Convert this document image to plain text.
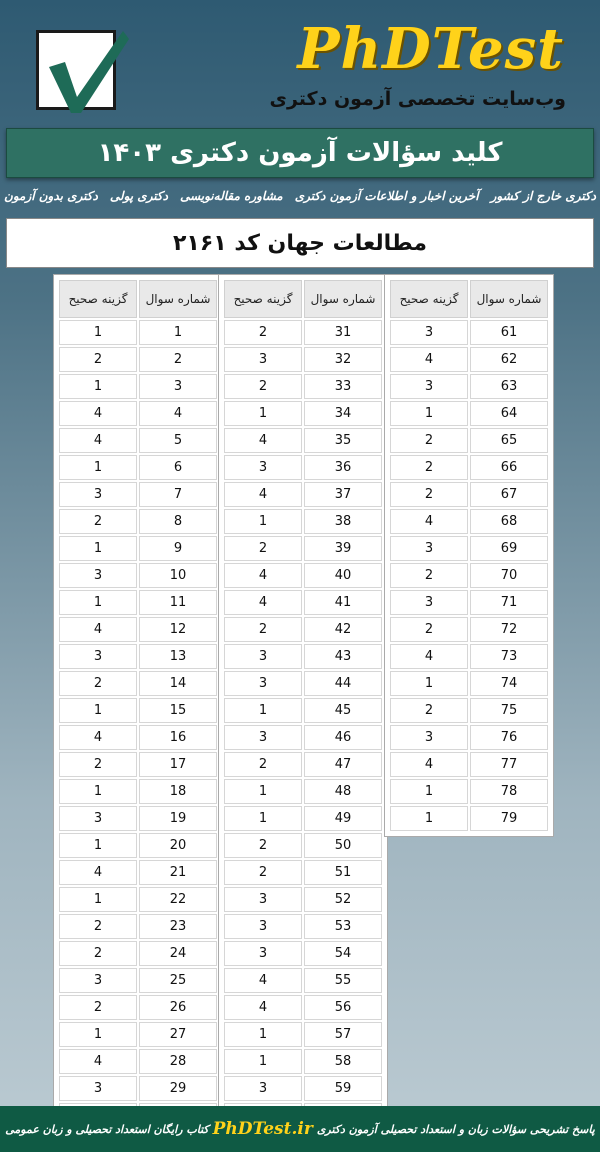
PhDTest
وب‌سایت تخصصی آزمون دکتری
کلید سؤالات آزمون دکتری ۱۴۰۳
دکتری بدون آزمون دکتری پولی مشاوره مقاله‌نویسی آخرین اخبار و اطلاعات آزمون دکتری دکتری خارج از کشور
مطالعات جهان کد ۲۱۶۱
گزینه صحیح	شماره سوال
1	1
2	2
1	3
4	4
4	5
1	6
3	7
2	8
1	9
3	10
1	11
4	12
3	13
2	14
1	15
4	16
2	17
1	18
3	19
1	20
4	21
1	22
2	23
2	24
3	25
2	26
1	27
4	28
3	29

گزینه صحیح	شماره سوال
2	31
3	32
2	33
1	34
4	35
3	36
4	37
1	38
2	39
4	40
4	41
2	42
3	43
3	44
1	45
3	46
2	47
1	48
1	49
2	50
2	51
3	52
3	53
3	54
4	55
4	56
1	57
1	58
3	59

گزینه صحیح	شماره سوال
3	61
4	62
3	63
1	64
2	65
2	66
2	67
4	68
3	69
2	70
3	71
2	72
4	73
1	74
2	75
3	76
4	77
1	78
1	79
پاسخ تشریحی سؤالات زبان و استعداد تحصیلی آزمون دکتری
PhDTest.ir
کتاب رایگان استعداد تحصیلی و زبان عمومی
